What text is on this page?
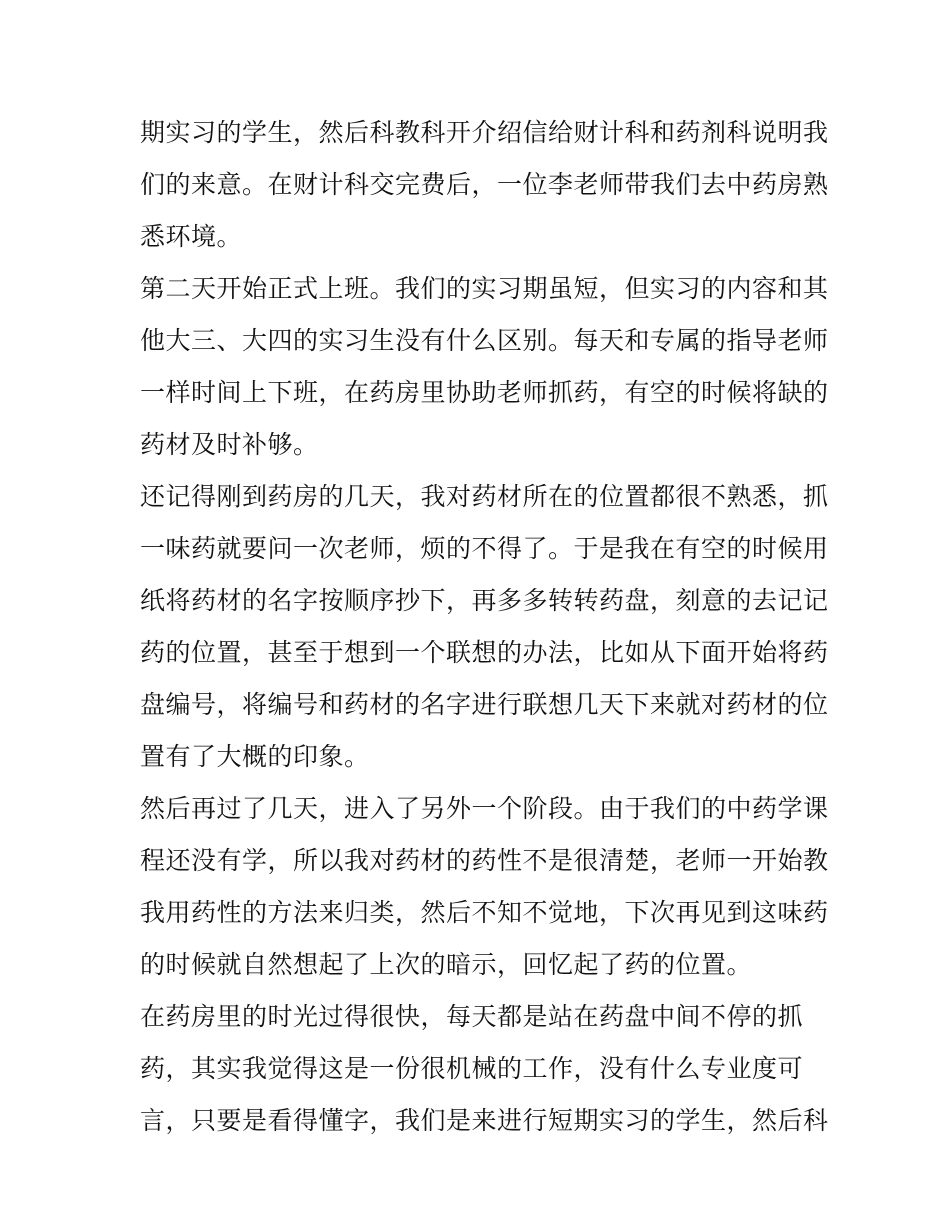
期实习的学生，然后科教科开介绍信给财计科和药剂科说明我
们的来意。在财计科交完费后，一位李老师带我们去中药房熟
悉环境。
第二天开始正式上班。我们的实习期虽短，但实习的内容和其
他大三、大四的实习生没有什么区别。每天和专属的指导老师
一样时间上下班，在药房里协助老师抓药，有空的时候将缺的
药材及时补够。
还记得刚到药房的几天，我对药材所在的位置都很不熟悉，抓
一味药就要问一次老师，烦的不得了。于是我在有空的时候用
纸将药材的名字按顺序抄下，再多多转转药盘，刻意的去记记
药的位置，甚至于想到一个联想的办法，比如从下面开始将药
盘编号，将编号和药材的名字进行联想几天下来就对药材的位
置有了大概的印象。
然后再过了几天，进入了另外一个阶段。由于我们的中药学课
程还没有学，所以我对药材的药性不是很清楚，老师一开始教
我用药性的方法来归类，然后不知不觉地，下次再见到这味药
的时候就自然想起了上次的暗示，回忆起了药的位置。
在药房里的时光过得很快，每天都是站在药盘中间不停的抓
药，其实我觉得这是一份很机械的工作，没有什么专业度可
言，只要是看得懂字，我们是来进行短期实习的学生，然后科
